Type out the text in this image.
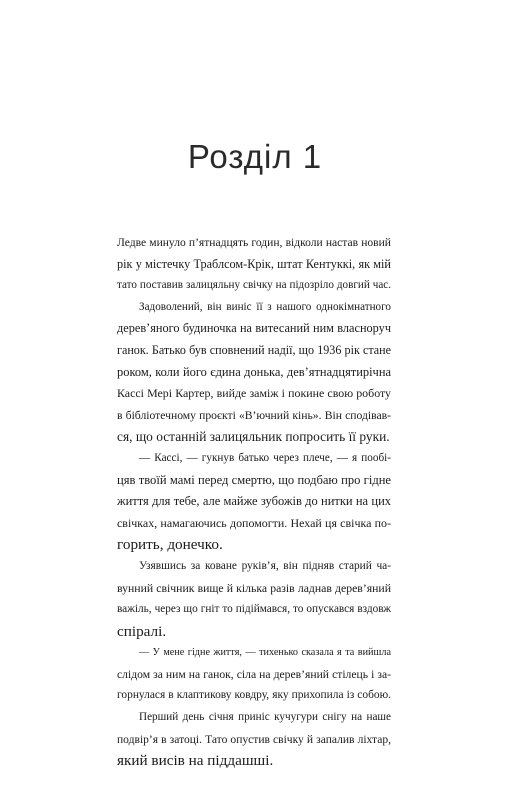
Розділ 1
Ледве минуло п’ятнадцять годин, відколи настав новий
рік у містечку Траблсом-Крік, штат Кентуккі, як мій
тато поставив залицяльну свічку на підозріло довгий час.
Задоволений, він виніс її з нашого однокімнатного
дерев’яного будиночка на витесаний ним власноруч
ганок. Батько був сповнений надії, що 1936 рік стане
роком, коли його єдина донька, дев’ятнадцятирічна
Кассі Мері Картер, вийде заміж і покине свою роботу
в бібліотечному проєкті «В’ючний кінь». Він сподівав-
ся, що останній залицяльник попросить її руки.
— Кассі, — гукнув батько через плече, — я пообі-
цяв твоїй мамі перед смертю, що подбаю про гідне
життя для тебе, але майже зубожів до нитки на цих
свічках, намагаючись допомогти. Нехай ця свічка по-
горить, донечко.
Узявшись за коване руків’я, він підняв старий ча-
вунний свічник вище й кілька разів ладнав дерев’яний
важіль, через що гніт то підіймався, то опускався вздовж
спіралі.
— У мене гідне життя, — тихенько сказала я та вийшла
слідом за ним на ганок, сіла на дерев’яний стілець і за-
горнулася в клаптикову ковдру, яку прихопила із собою.
Перший день січня приніс кучугури снігу на наше
подвір’я в затоці. Тато опустив свічку й запалив ліхтар,
який висів на піддашші.
